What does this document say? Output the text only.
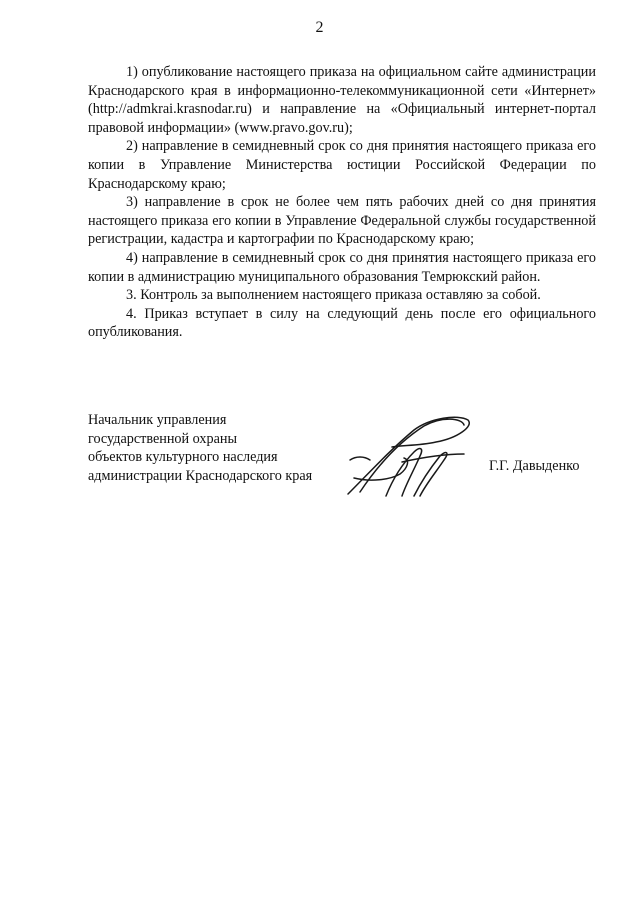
2

1) опубликование настоящего приказа на официальном сайте администрации Краснодарского края в информационно-телекоммуникационной сети «Интернет» (http://admkrai.krasnodar.ru) и направление на «Официальный интернет-портал правовой информации» (www.pravo.gov.ru);

2) направление в семидневный срок со дня принятия настоящего приказа его копии в Управление Министерства юстиции Российской Федерации по Краснодарскому краю;

3) направление в срок не более чем пять рабочих дней со дня принятия настоящего приказа его копии в Управление Федеральной службы государственной регистрации, кадастра и картографии по Краснодарскому краю;

4) направление в семидневный срок со дня принятия настоящего приказа его копии в администрацию муниципального образования Темрюкский район.

3. Контроль за выполнением настоящего приказа оставляю за собой.

4. Приказ вступает в силу на следующий день после его официального опубликования.

Начальник управления
государственной охраны
объектов культурного наследия
администрации Краснодарского края
Г.Г. Давыденко
